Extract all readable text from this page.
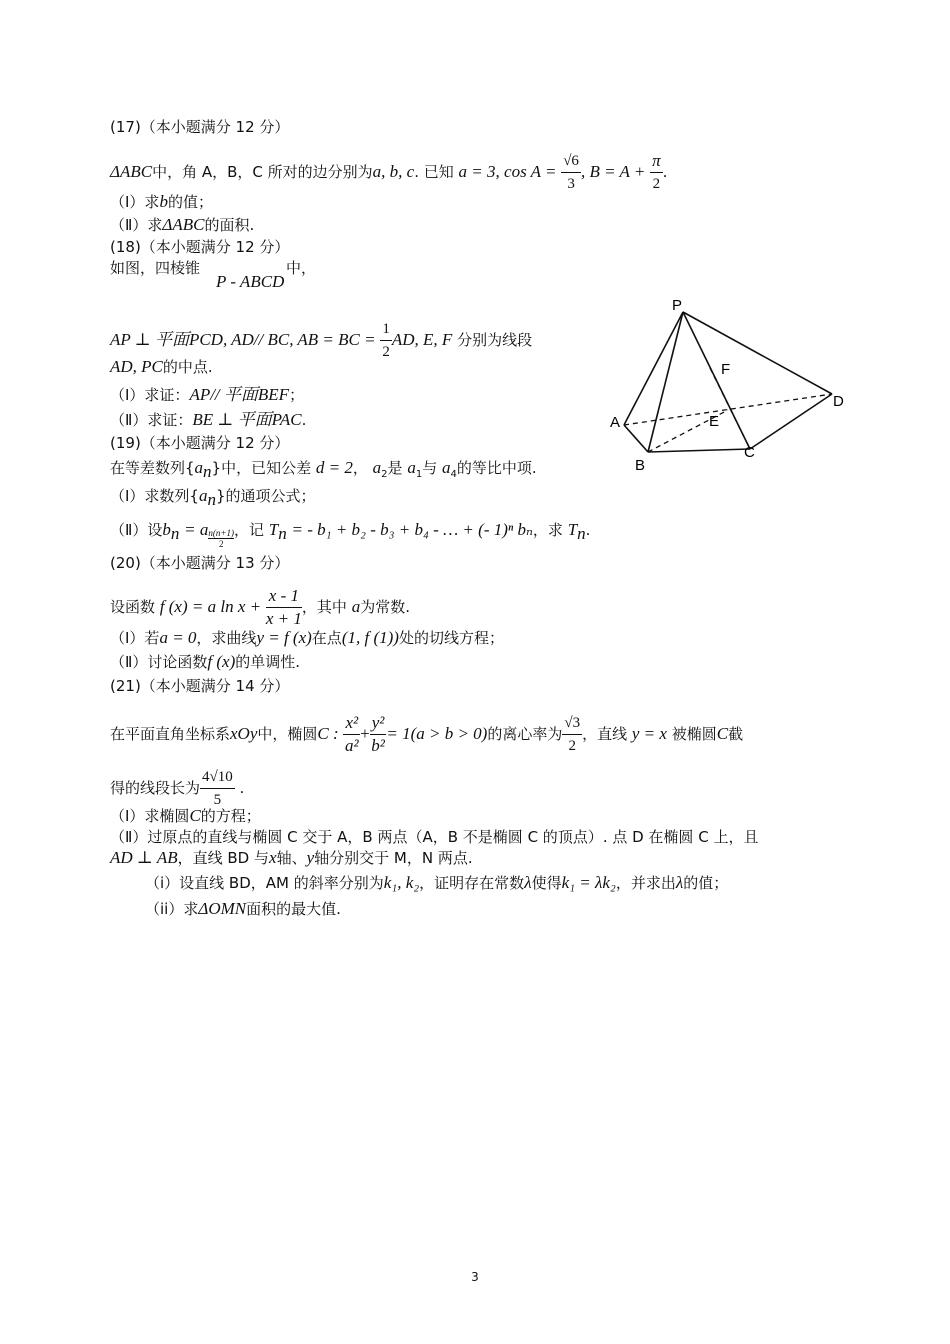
(17)（本小题满分 12 分）
ΔABC中，角 A，B，C 所对的边分别为a, b, c. 已知 a = 3, $\cos A = \frac{√6}{3}$ , $B = A + \frac{\pi}{2}$ .
（Ⅰ）求b的值；
（Ⅱ）求ΔABC的面积.
(18)（本小题满分 12 分）
如图，四棱锥	中，
P - ABCD
AP ⊥ 平面PCD, AD// BC, AB = BC = $\frac{1}{2}$ AD, E, F 分别为线段
AD, PC的中点.
（Ⅰ）求证：AP// 平面BEF；
（Ⅱ）求证：BE ⊥ 平面PAC.
P
A
B
C
D
E
F
(19)（本小题满分 12 分）
在等差数列$\{a_n\}$中，已知公差 d = 2， $a_2$是 $a_1$与 $a_4$的等比中项.
（Ⅰ）求数列$\{a_n\}$的通项公式；
（Ⅱ）设$b_n = a \frac{n(n+1)}{2}$ ，记 $T_n$ = - b₁ + b₂ - b₃ + b₄ - … + (- 1)ⁿ bₙ，求 $T_n$.
(20)（本小题满分 13 分）
设函数 f (x) = a $\ln x + \frac{x - 1}{x + 1}$ ，其中 a为常数.
（Ⅰ）若a = 0，求曲线y = f (x)在点(1, f (1))处的切线方程；
（Ⅱ）讨论函数f (x)的单调性.
(21)（本小题满分 14 分）
在平面直角坐标系xOy中，椭圆C : $\frac{\text{x²}}{\text{a²}} + \frac{\text{y²}}{\text{b²}} = 1(a > b > 0)$的离心率为 $\frac{√3}{2}$ ，直线 y = x 被椭圆C截
得的线段长为 $\frac{4√10}{5}$ .
（Ⅰ）求椭圆C的方程；
（Ⅱ）过原点的直线与椭圆 C 交于 A，B 两点（A，B 不是椭圆 C 的顶点）. 点 D 在椭圆 C 上，且
AD ⊥ AB，直线 BD 与x轴、y轴分别交于 M，N 两点.
（i）设直线 BD，AM 的斜率分别为k₁, k₂，证明存在常数λ使得k₁ = λk₂，并求出λ的值；
（ii）求ΔOMN面积的最大值.
3
